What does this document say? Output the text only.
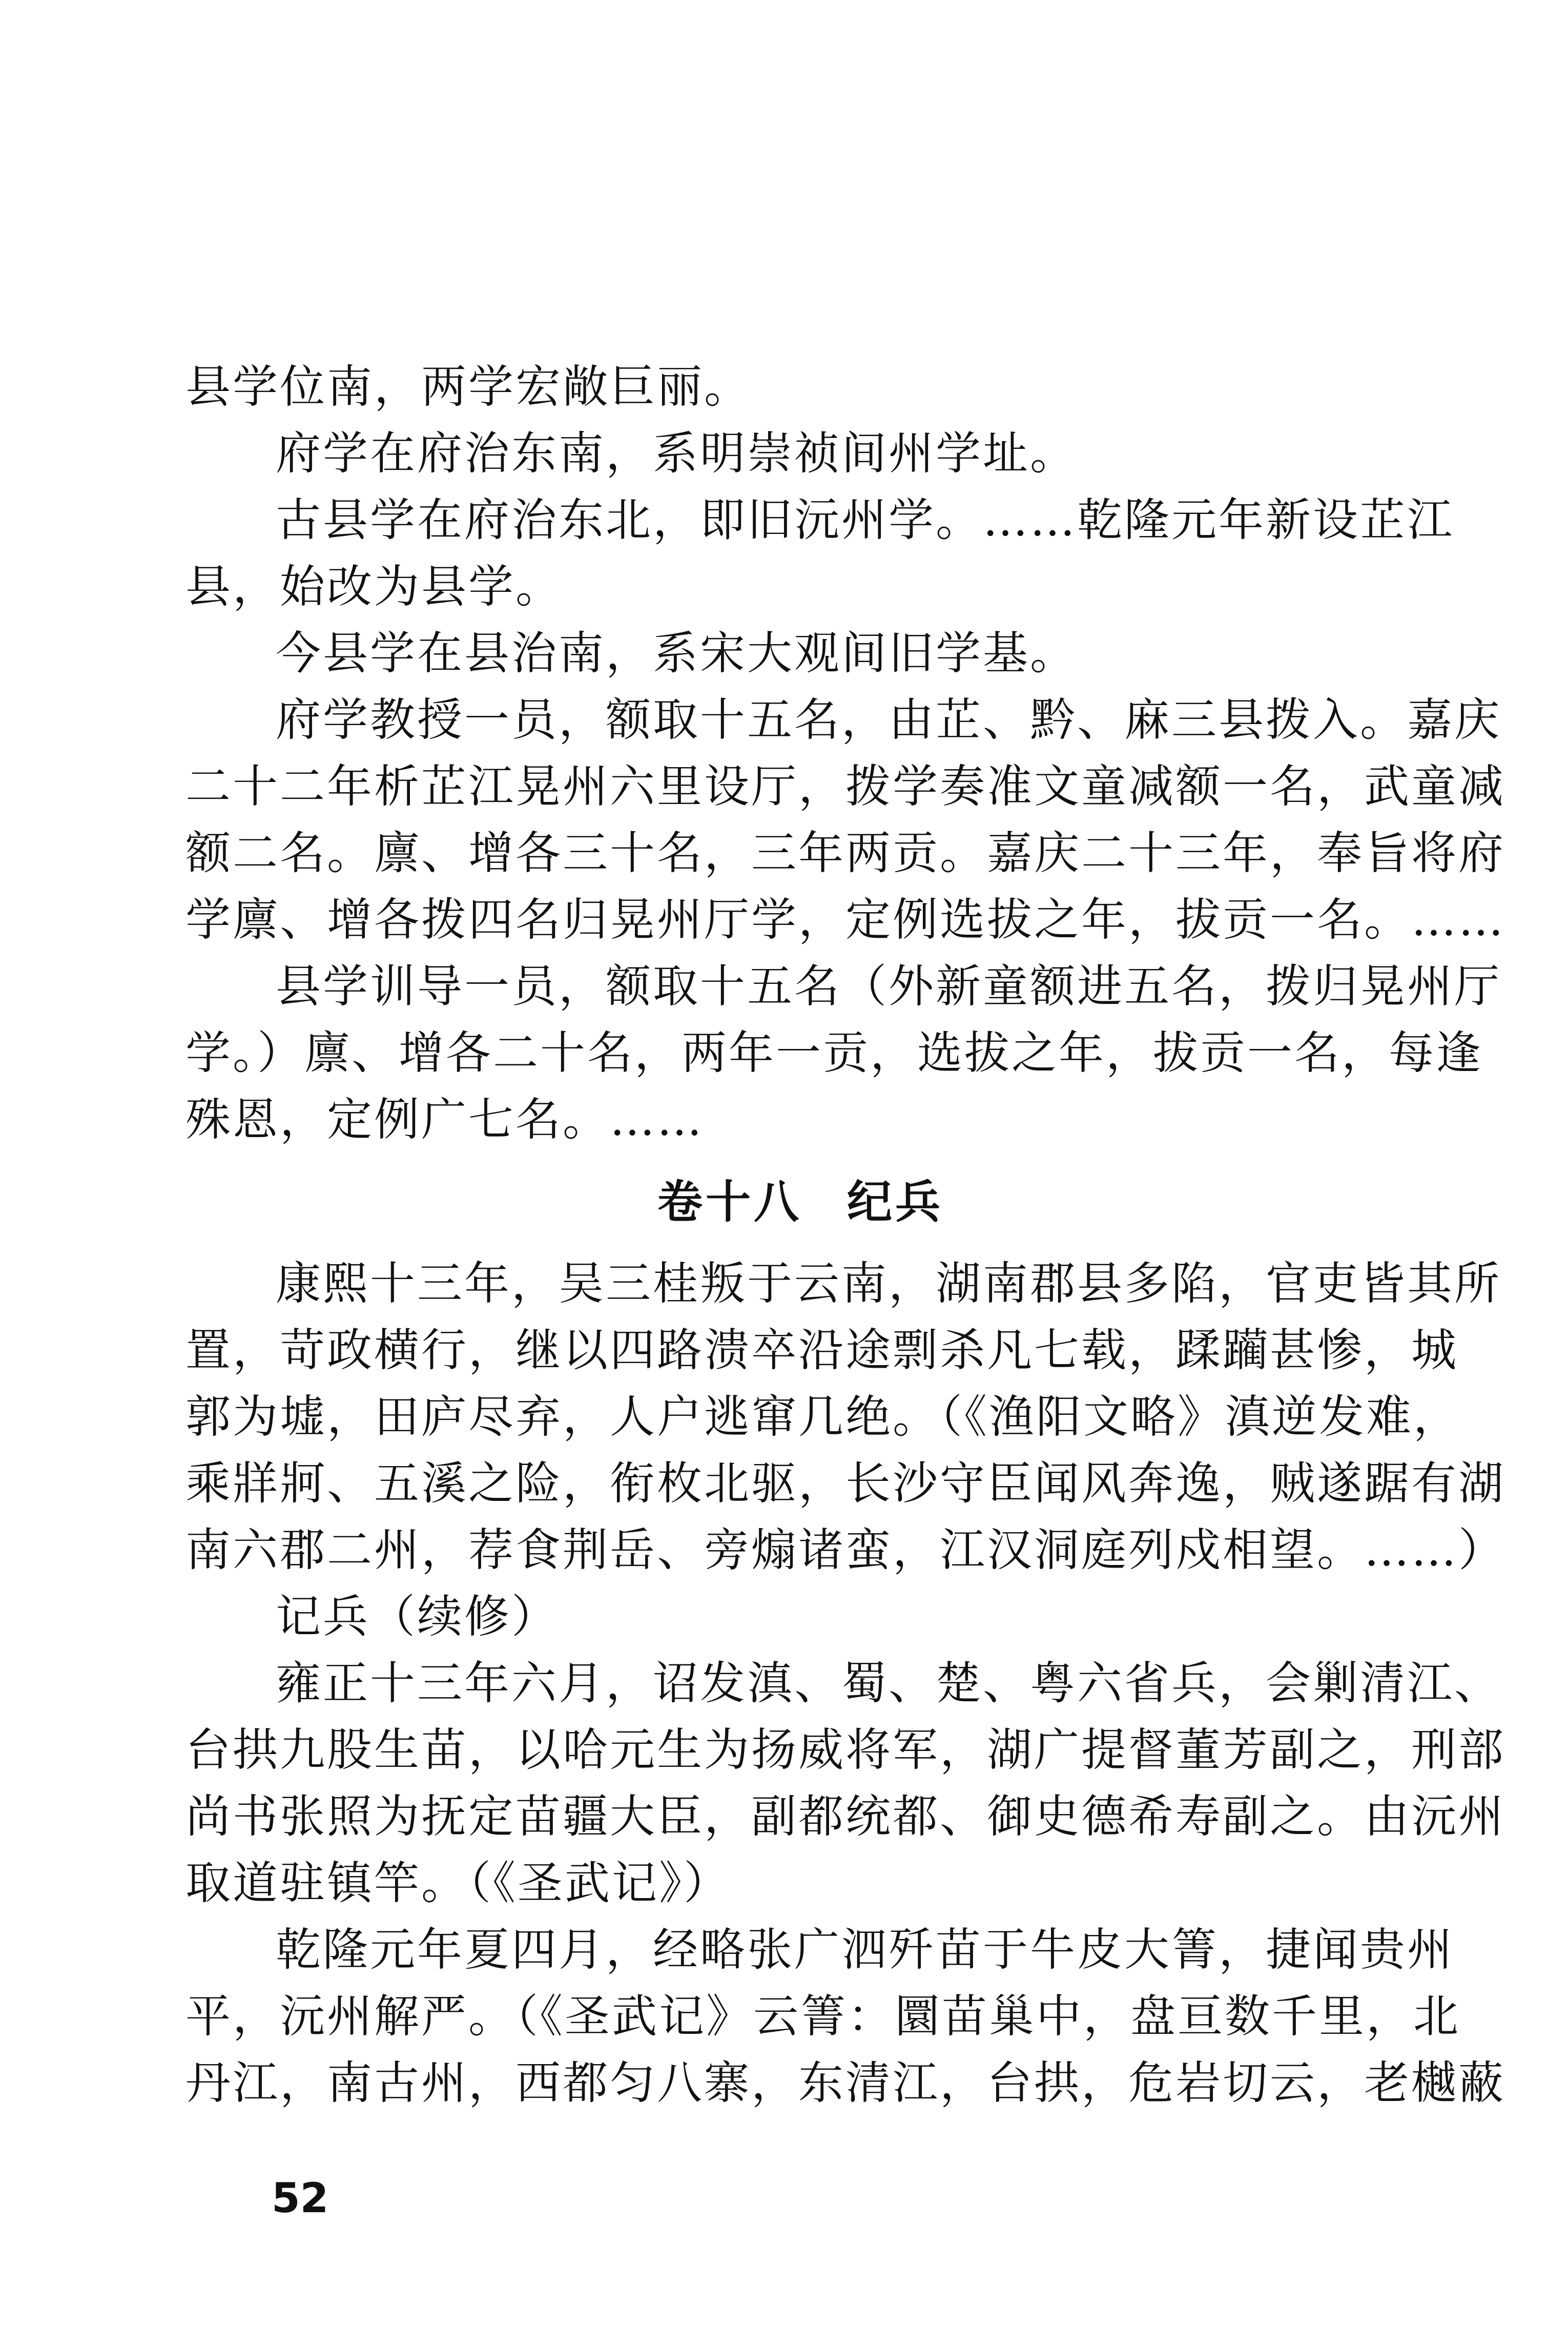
县学位南，两学宏敞巨丽。
府学在府治东南，系明崇祯间州学址。
古县学在府治东北，即旧沅州学。……乾隆元年新设芷江
县，始改为县学。
今县学在县治南，系宋大观间旧学基。
府学教授一员，额取十五名，由芷、黔、麻三县拨入。嘉庆
二十二年析芷江晃州六里设厅，拨学奏准文童减额一名，武童减
额二名。廪、增各三十名，三年两贡。嘉庆二十三年，奉旨将府
学廪、增各拨四名归晃州厅学，定例选拔之年，拔贡一名。……
县学训导一员，额取十五名（外新童额进五名，拨归晃州厅
学。）廪、增各二十名，两年一贡，选拔之年，拔贡一名，每逢
殊恩，定例广七名。……
卷十八 纪兵
康熙十三年，吴三桂叛于云南，湖南郡县多陷，官吏皆其所
置，苛政横行，继以四路溃卒沿途剽杀凡七载，蹂躏甚惨，城
郭为墟，田庐尽弃，人户逃窜几绝。（《渔阳文略》滇逆发难，
乘牂牁、五溪之险，衔枚北驱，长沙守臣闻风奔逸，贼遂踞有湖
南六郡二州，荐食荆岳、旁煽诸蛮，江汉洞庭列戍相望。……）
记兵（续修）
雍正十三年六月，诏发滇、蜀、楚、粤六省兵，会剿清江、
台拱九股生苗，以哈元生为扬威将军，湖广提督董芳副之，刑部
尚书张照为抚定苗疆大臣，副都统都、御史德希寿副之。由沅州
取道驻镇竿。（《圣武记》）
乾隆元年夏四月，经略张广泗歼苗于牛皮大箐，捷闻贵州
平，沅州解严。（《圣武记》云箐：圜苗巢中，盘亘数千里，北
丹江，南古州，西都匀八寨，东清江，台拱，危岩切云，老樾蔽
52
